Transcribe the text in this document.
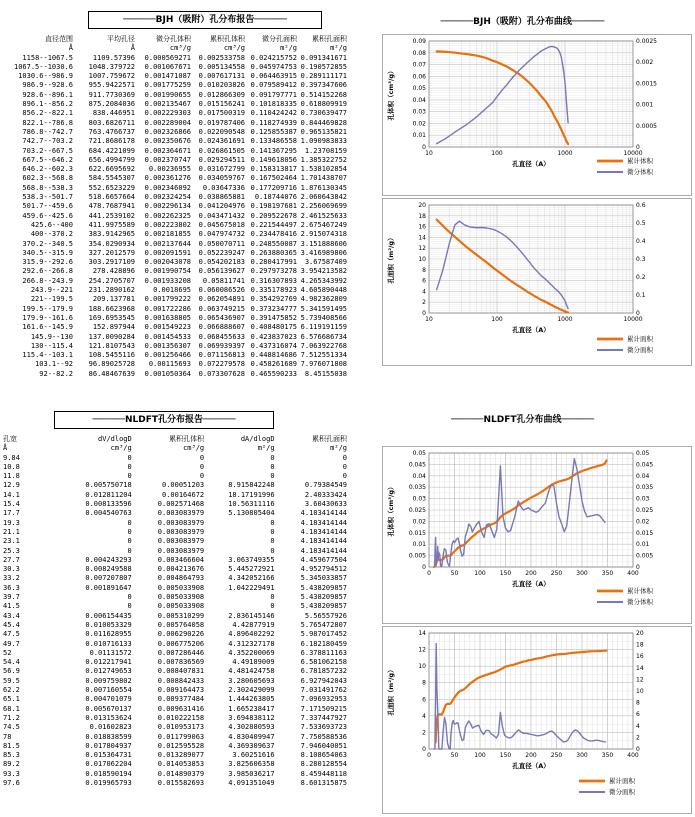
──────BJH（吸附）孔分布报告──────
直径范围	平均孔径	微分孔体积	累积孔体积	微分孔面积	累积孔面积
Å	Å	cm³/g	cm³/g	m²/g	m²/g
1158--1067.5	1109.57396	0.000569271	0.002533758	0.024215752	0.091341671
1067.5--1030.6	1048.379722	0.001067671	0.005134558	0.045974753	0.190572855
1030.6--986.9	1007.759672	0.001471087	0.007617131	0.064463915	0.289111171
986.9--928.6	955.9422571	0.001775259	0.010203826	0.079589412	0.397347606
928.6--896.1	911.7730369	0.001990655	0.012866309	0.091797771	0.514152268
896.1--856.2	875.2084036	0.002135467	0.015156241	0.101818335	0.618809919
856.2--822.1	838.446951	0.002229303	0.017500319	0.110424242	0.730639477
822.1--786.8	803.6826711	0.002289004	0.019787406	0.118274939	0.844469828
786.8--742.7	763.4766737	0.002326866	0.022090548	0.125855387	0.965135821
742.7--703.2	721.8686178	0.002350676	0.024361691	0.133486558	1.090983833
703.2--667.5	684.4221099	0.002364671	0.026861505	0.141367295	1.23708159
667.5--646.2	656.4994799	0.002370747	0.029294511	0.149618056	1.385322752
646.2--602.3	622.6695692	0.00236955	0.031672799	0.158313817	1.538102854
602.3--568.8	584.5545307	0.002361276	0.034059767	0.167502464	1.701438707
568.8--538.3	552.6523229	0.002346092	0.03647336	0.177209716	1.876130345
538.3--501.7	518.6657664	0.002324254	0.038865881	0.18744076	2.060643842
501.7--459.6	478.7687941	0.002296134	0.041204976	0.198197681	2.256069699
459.6--425.6	441.2539102	0.002262325	0.043471432	0.209522678	2.461525633
425.6--400	411.9975589	0.002223802	0.045675018	0.221544497	2.675467249
400--370.2	383.9142965	0.002181855	0.047974732	0.234478416	2.915074318
370.2--340.5	354.0290934	0.002137644	0.050070711	0.248550087	3.151888606
340.5--315.9	327.2012579	0.002091591	0.052239247	0.263880365	3.416989806
315.9--292.6	303.2917109	0.002043078	0.054202183	0.280417991	3.67587409
292.6--266.8	278.428896	0.001990754	0.056139627	0.297973278	3.954213582
266.8--243.9	254.2705707	0.001933208	0.05811741	0.316307893	4.265343992
243.9--221	231.2890162	0.0018695	0.060086526	0.335178923	4.605890448
221--199.5	209.137781	0.001799222	0.062054891	0.354292769	4.982362809
199.5--179.9	188.6623968	0.001722286	0.063749215	0.373234777	5.341591495
179.9--161.6	169.6953545	0.001638805	0.065436907	0.391475852	5.739408566
161.6--145.9	152.897944	0.001549223	0.066888607	0.408480175	6.119191159
145.9--130	137.0090284	0.001454533	0.068455633	0.423837023	6.576686734
130--115.4	121.8107543	0.001356307	0.069939397	0.437316074	7.063922768
115.4--103.1	108.5455116	0.001256466	0.071156813	0.448814686	7.512551334
103.1--92	96.89025728	0.00115693	0.072279578	0.458261689	7.976071808
92--82.2	86.48467639	0.001050364	0.073307628	0.465590233	8.45155038
──────BJH（吸附）孔分布曲线──────
0.09
0.08
0.07
0.06
0.05
0.04
0.03
0.02
0.01
0
0.0025
0.002
0.0015
0.001
0.0005
0
10	100	1000	10000
孔体积（cm³/g）
孔直径（A）	累计体积
微分体积
20
18
16
14
12
10
8
6
4
2
0
0.6
0.5
0.4
0.3
0.2
0.1
0
10	100	1000	10000
孔面积（m²/g）
孔直径（A）
累计面积
微分面积
──────NLDFT孔分布报告──────
孔宽	dV/dlogD	累积孔体积	dA/dlogD	累积孔面积
Å	cm³/g	cm³/g	m²/g	m²/g
9.84	0	0	0	0
10.8	0	0	0	0
11.8	0	0	0	0
12.9	0.005750718	0.00051203	8.915842248	0.79384549
14.1	0.012811204	0.00164672	18.17191996	2.40333424
15.4	0.008133596	0.002571468	10.56311116	3.60430633
17.7	0.004540763	0.003083979	5.130805404	4.183414144
19.3	0	0.003083979	0	4.183414144
21.1	0	0.003083979	0	4.183414144
23.1	0	0.003083979	0	4.183414144
25.3	0	0.003083979	0	4.183414144
27.7	0.004243293	0.003466604	3.063749355	4.459677504
30.3	0.008249588	0.004213676	5.445272921	4.952794512
33.2	0.007207807	0.004864793	4.342052166	5.345033857
36.3	0.001891647	0.005033908	1.042229491	5.438209857
39.7	0	0.005033908	0	5.438209857
41.5	0	0.005033908	0	5.438209857
43.4	0.006154435	0.005310299	2.836145146	5.56557926
45.4	0.010053329	0.005764058	4.42877919	5.765472807
47.5	0.011628955	0.006290226	4.896402292	5.987017452
49.7	0.010716133	0.006775206	4.312327178	6.182180459
52	0.01131572	0.007286446	4.352200069	6.378811163
54.4	0.012217941	0.007836569	4.49189009	6.581062158
56.9	0.012749653	0.008407831	4.481424758	6.781857232
59.5	0.009759802	0.008842433	3.280605693	6.927942043
62.2	0.007160554	0.009164473	2.302429099	7.031491762
65.1	0.004701079	0.009377484	1.444263805	7.096932953
68.1	0.005670137	0.009631416	1.665238417	7.171509215
71.2	0.013153624	0.010222158	3.694838112	7.337447927
74.5	0.01602823	0.010953173	4.302880593	7.533693723
78	0.018838599	0.011799063	4.830409947	7.750588536
81.5	0.017804937	0.012595528	4.369309637	7.946040051
85.3	0.015364731	0.013289077	3.60251616	8.108654063
89.2	0.017062204	0.014053853	3.825606358	8.280128554
93.3	0.018590194	0.014890379	3.985036217	8.459448118
97.6	0.019965793	0.015582693	4.091351049	8.601315875
──────NLDFT孔分布曲线──────
0.05
0.045
0.04
0.035
0.03
0.025
0.02
0.015
0.01
0.005
0
0.05
0.045
0.04
0.035
0.03
0.025
0.02
0.015
0.01
0.005
0
0	50	100 150 200 250 300 350 400
孔体积（cm³/g）
孔直径（A）
累计体积
微分体积
14
12
10
8
6
4
2
0
20
18
16
14
12
10
8
6
4
2
0
0	50	100 150 200 250 300 350 400
孔面积（m²/g）
孔直径（A）
累计面积
微分面积
